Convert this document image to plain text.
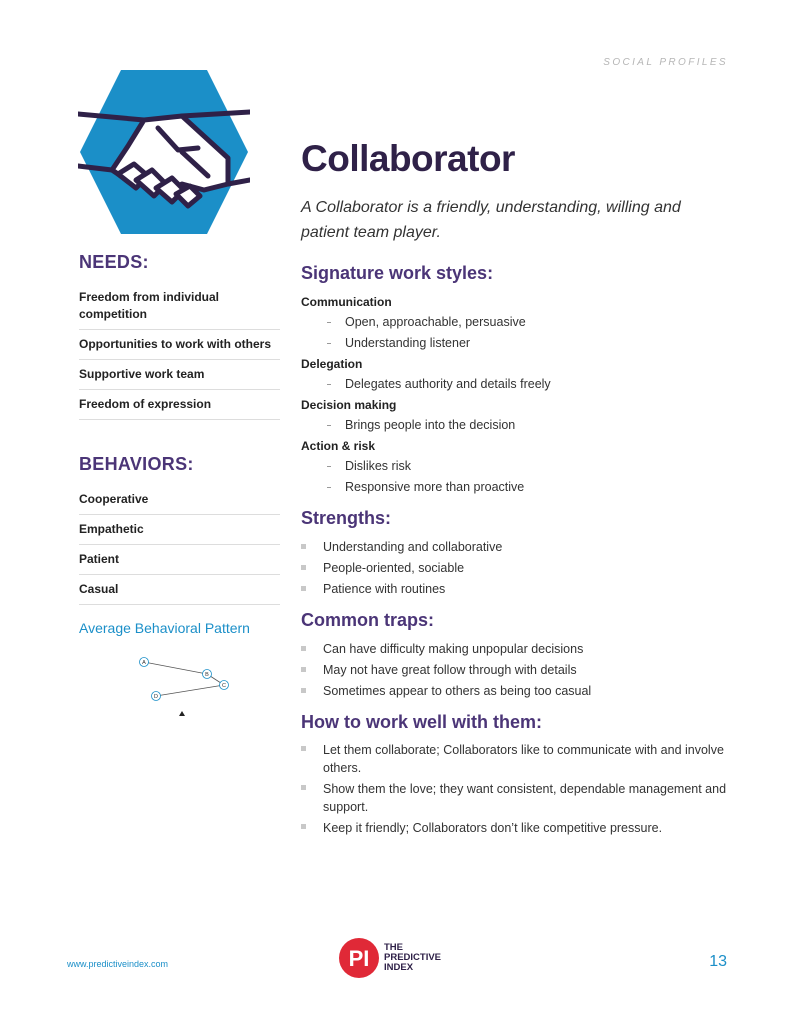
SOCIAL PROFILES
NEEDS:
Freedom from individual competition
Opportunities to work with others
Supportive work team
Freedom of expression
BEHAVIORS:
Cooperative
Empathetic
Patient
Casual
Average Behavioral Pattern
A
B
C
D
Collaborator

A Collaborator is a friendly, understanding, willing and patient team player.

Signature work styles:
Communication
Open, approachable, persuasive
Understanding listener
Delegation
Delegates authority and details freely
Decision making
Brings people into the decision
Action & risk
Dislikes risk
Responsive more than proactive
Strengths:
Understanding and collaborative
People-oriented, sociable
Patience with routines
Common traps:
Can have difficulty making unpopular decisions
May not have great follow through with details
Sometimes appear to others as being too casual
How to work well with them:
Let them collaborate; Collaborators like to communicate with and involve others.
Show them the love; they want consistent, dependable management and support.
Keep it friendly; Collaborators don’t like competitive pressure.
www.predictiveindex.com	PI THE
PREDICTIVE
INDEX	13
